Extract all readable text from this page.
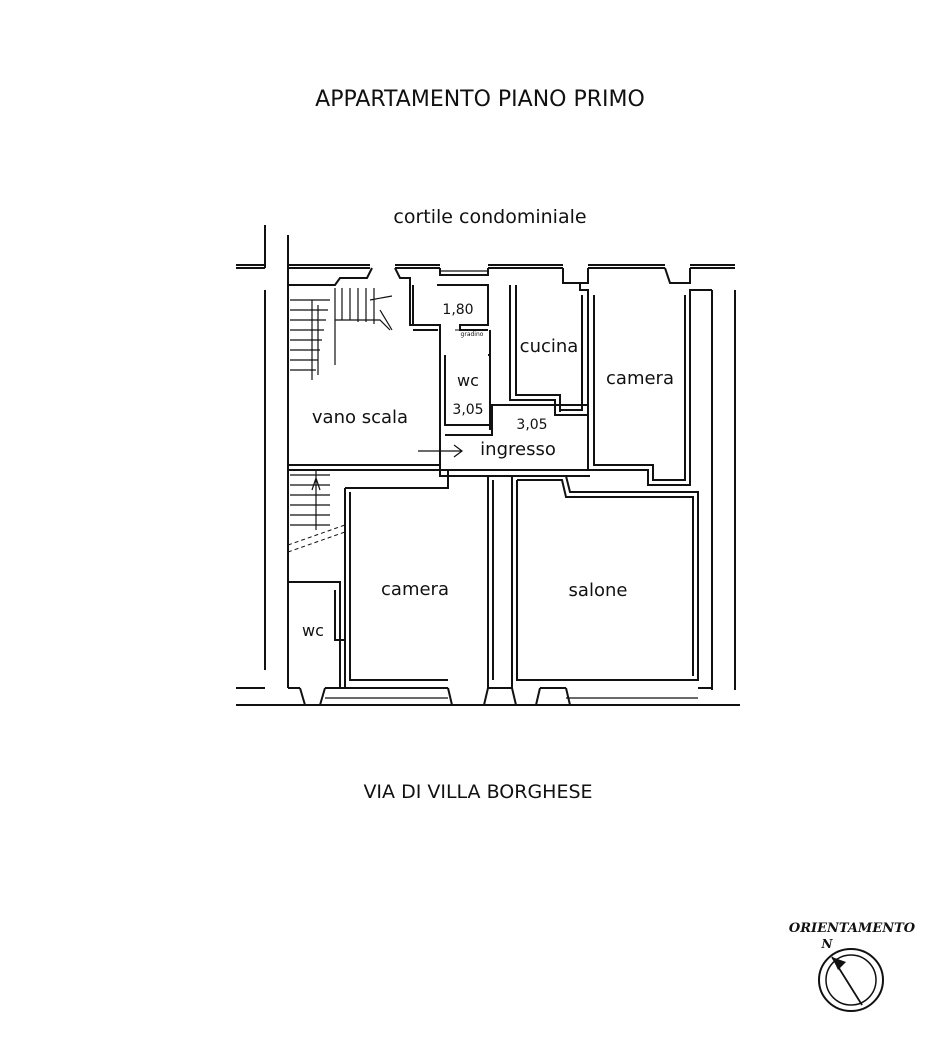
APPARTAMENTO PIANO PRIMO
cortile condominiale
vano scala
wc
cucina
camera
ingresso
camera	salone
wc
1,80
3,05
3,05
gradino
VIA DI VILLA BORGHESE
ORIENTAMENTO
N
